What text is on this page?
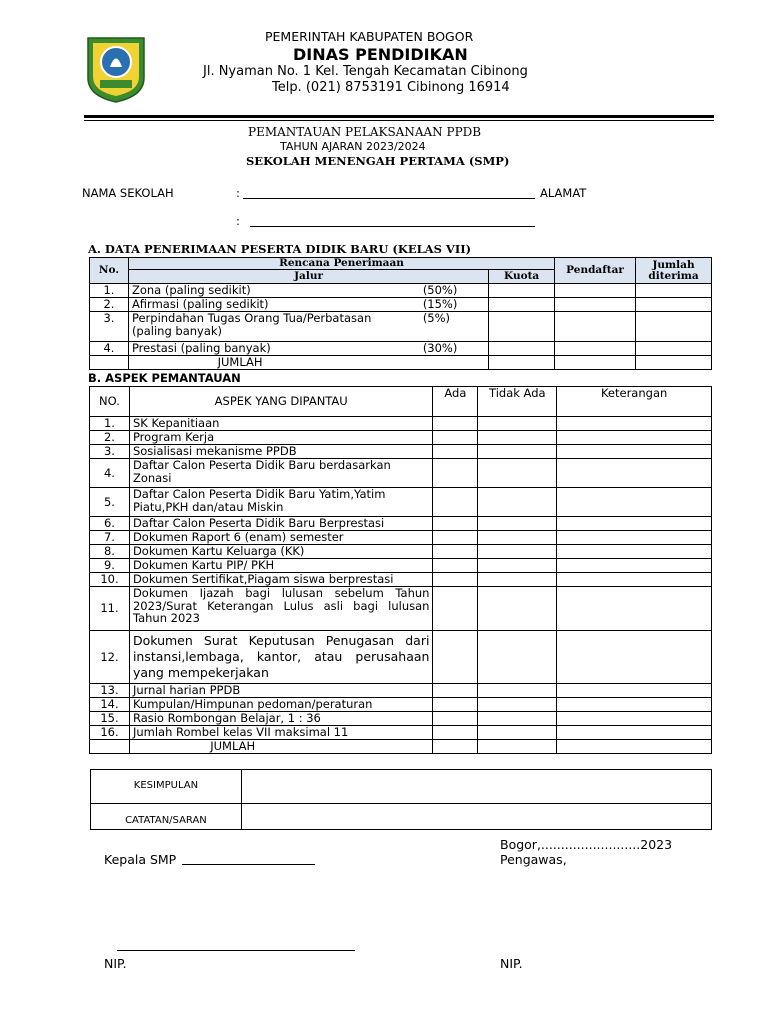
PEMERINTAH KABUPATEN BOGOR
DINAS PENDIDIKAN
Jl. Nyaman No. 1 Kel. Tengah Kecamatan Cibinong
Telp. (021) 8753191 Cibinong 16914
PEMANTAUAN PELAKSANAAN PPDB
TAHUN AJARAN 2023/2024
SEKOLAH MENENGAH PERTAMA (SMP)
NAMA SEKOLAH	:	ALAMAT
:
A. DATA PENERIMAAN PESERTA DIDIK BARU (KELAS VII)
No.	Rencana Penerimaan			Pendaftar	Jumlah diterima
	Jalur		Kuota		
1.	Zona (paling sedikit)	(50%)			
2.	Afirmasi (paling sedikit)	(15%)			
3.	Perpindahan Tugas Orang Tua/Perbatasan (paling banyak)	(5%)			
4.	Prestasi (paling banyak)	(30%)			
	JUMLAH				
B. ASPEK PEMANTAUAN
NO.	ASPEK YANG DIPANTAU	Ada	Tidak Ada	Keterangan
1.	SK Kepanitiaan			
2.	Program Kerja			
3.	Sosialisasi mekanisme PPDB			
4.	Daftar Calon Peserta Didik Baru berdasarkan Zonasi			
5.	Daftar Calon Peserta Didik Baru Yatim,Yatim Piatu,PKH dan/atau Miskin			
6.	Daftar Calon Peserta Didik Baru Berprestasi			
7.	Dokumen Raport 6 (enam) semester			
8.	Dokumen Kartu Keluarga (KK)			
9.	Dokumen Kartu PIP/ PKH			
10.	Dokumen Sertifikat,Piagam siswa berprestasi			
11.	Dokumen Ijazah bagi lulusan sebelum Tahun 2023/Surat Keterangan Lulus asli bagi lulusan Tahun 2023			
12.	Dokumen Surat Keputusan Penugasan dari instansi,lembaga, kantor, atau perusahaan yang mempekerjakan			
13.	Jurnal harian PPDB			
14.	Kumpulan/Himpunan pedoman/peraturan			
15.	Rasio Rombongan Belajar, 1 : 36			
16.	Jumlah Rombel kelas VII maksimal 11			
	JUMLAH			
KESIMPULAN	
CATATAN/SARAN	
Bogor,.........................2023
Pengawas,
Kepala SMP
NIP.	NIP.
